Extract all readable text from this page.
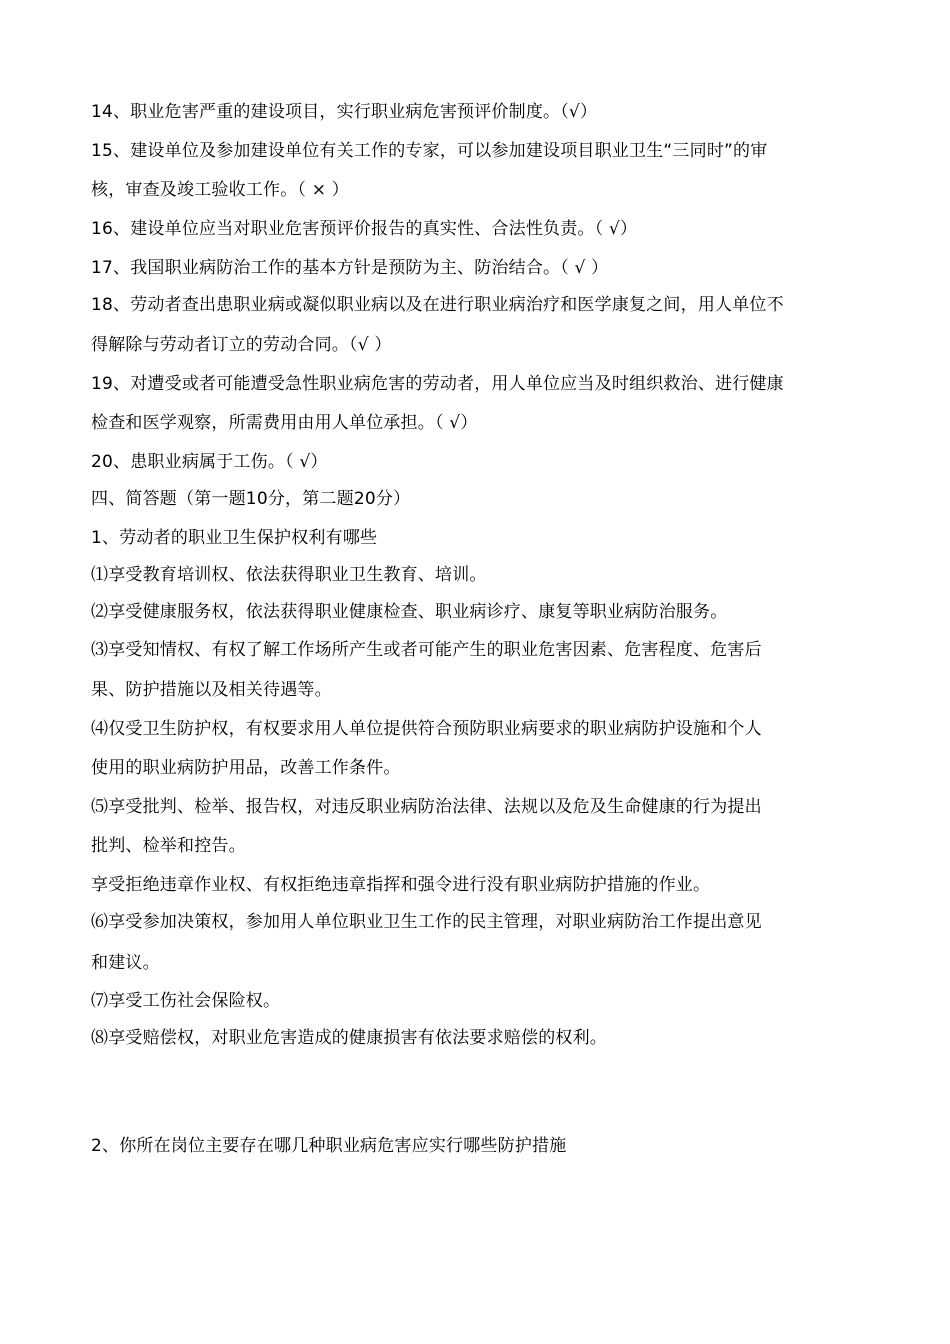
14、职业危害严重的建设项目，实行职业病危害预评价制度。（√）
15、建设单位及参加建设单位有关工作的专家，可以参加建设项目职业卫生“三同时”的审
核，审查及竣工验收工作。（ × ）
16、建设单位应当对职业危害预评价报告的真实性、合法性负责。（ √）
17、我国职业病防治工作的基本方针是预防为主、防治结合。（ √ ）
18、劳动者查出患职业病或凝似职业病以及在进行职业病治疗和医学康复之间，用人单位不
得解除与劳动者订立的劳动合同。（√ ）
19、对遭受或者可能遭受急性职业病危害的劳动者，用人单位应当及时组织救治、进行健康
检查和医学观察，所需费用由用人单位承担。（ √）
20、患职业病属于工伤。（ √）
四、简答题（第一题10分，第二题20分）
1、劳动者的职业卫生保护权利有哪些
⑴享受教育培训权、依法获得职业卫生教育、培训。
⑵享受健康服务权，依法获得职业健康检查、职业病诊疗、康复等职业病防治服务。
⑶享受知情权、有权了解工作场所产生或者可能产生的职业危害因素、危害程度、危害后
果、防护措施以及相关待遇等。
⑷仅受卫生防护权，有权要求用人单位提供符合预防职业病要求的职业病防护设施和个人
使用的职业病防护用品，改善工作条件。
⑸享受批判、检举、报告权，对违反职业病防治法律、法规以及危及生命健康的行为提出
批判、检举和控告。
享受拒绝违章作业权、有权拒绝违章指挥和强令进行没有职业病防护措施的作业。
⑹享受参加决策权，参加用人单位职业卫生工作的民主管理，对职业病防治工作提出意见
和建议。
⑺享受工伤社会保险权。
⑻享受赔偿权，对职业危害造成的健康损害有依法要求赔偿的权利。
2、你所在岗位主要存在哪几种职业病危害应实行哪些防护措施
